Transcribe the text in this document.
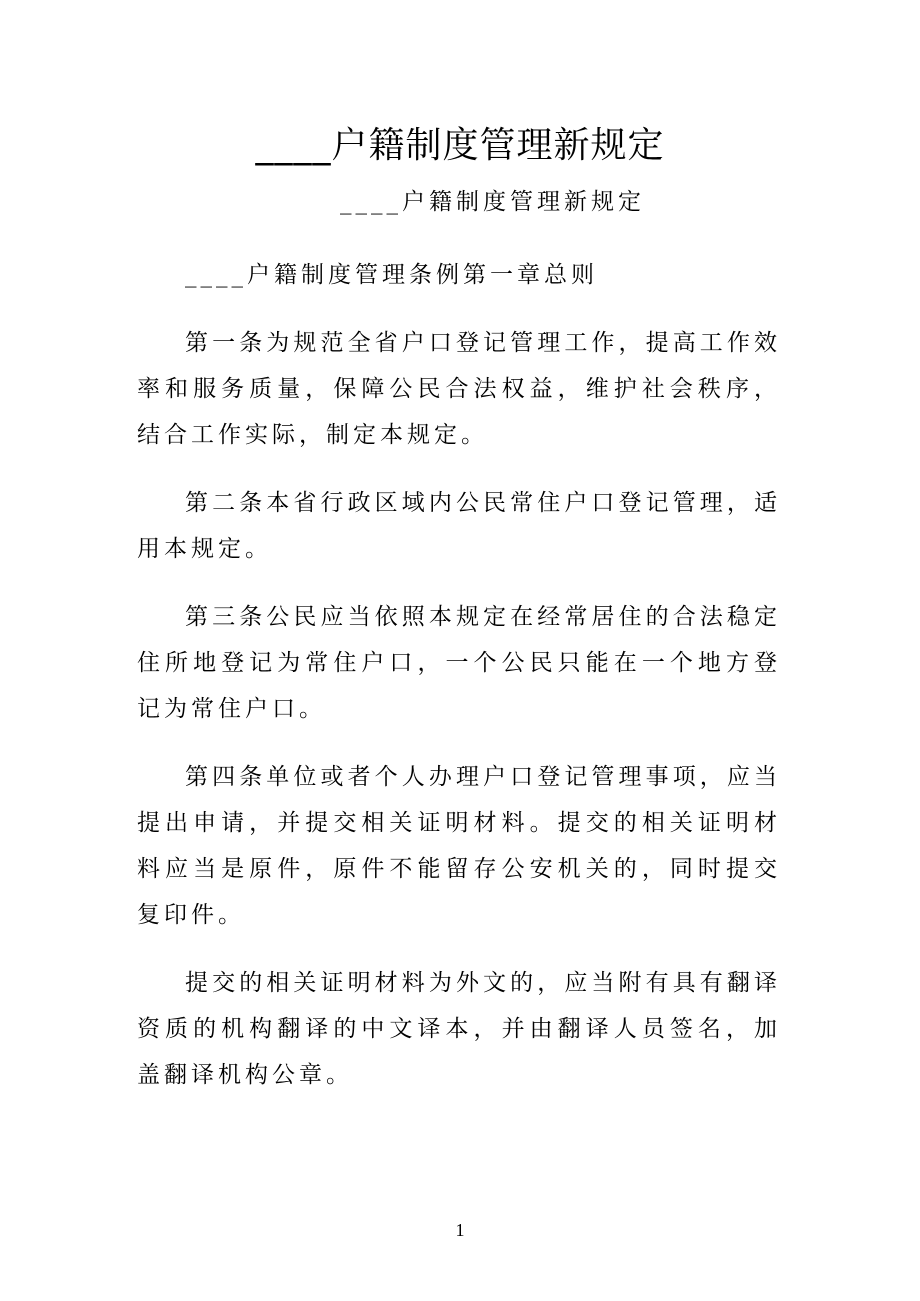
____户籍制度管理新规定
____户籍制度管理新规定

____户籍制度管理条例第一章总则

第一条为规范全省户口登记管理工作，提高工作效率和服务质量，保障公民合法权益，维护社会秩序，结合工作实际，制定本规定。

第二条本省行政区域内公民常住户口登记管理，适用本规定。

第三条公民应当依照本规定在经常居住的合法稳定住所地登记为常住户口，一个公民只能在一个地方登记为常住户口。

第四条单位或者个人办理户口登记管理事项，应当提出申请，并提交相关证明材料。提交的相关证明材料应当是原件，原件不能留存公安机关的，同时提交复印件。

提交的相关证明材料为外文的，应当附有具有翻译资质的机构翻译的中文译本，并由翻译人员签名，加盖翻译机构公章。

1
